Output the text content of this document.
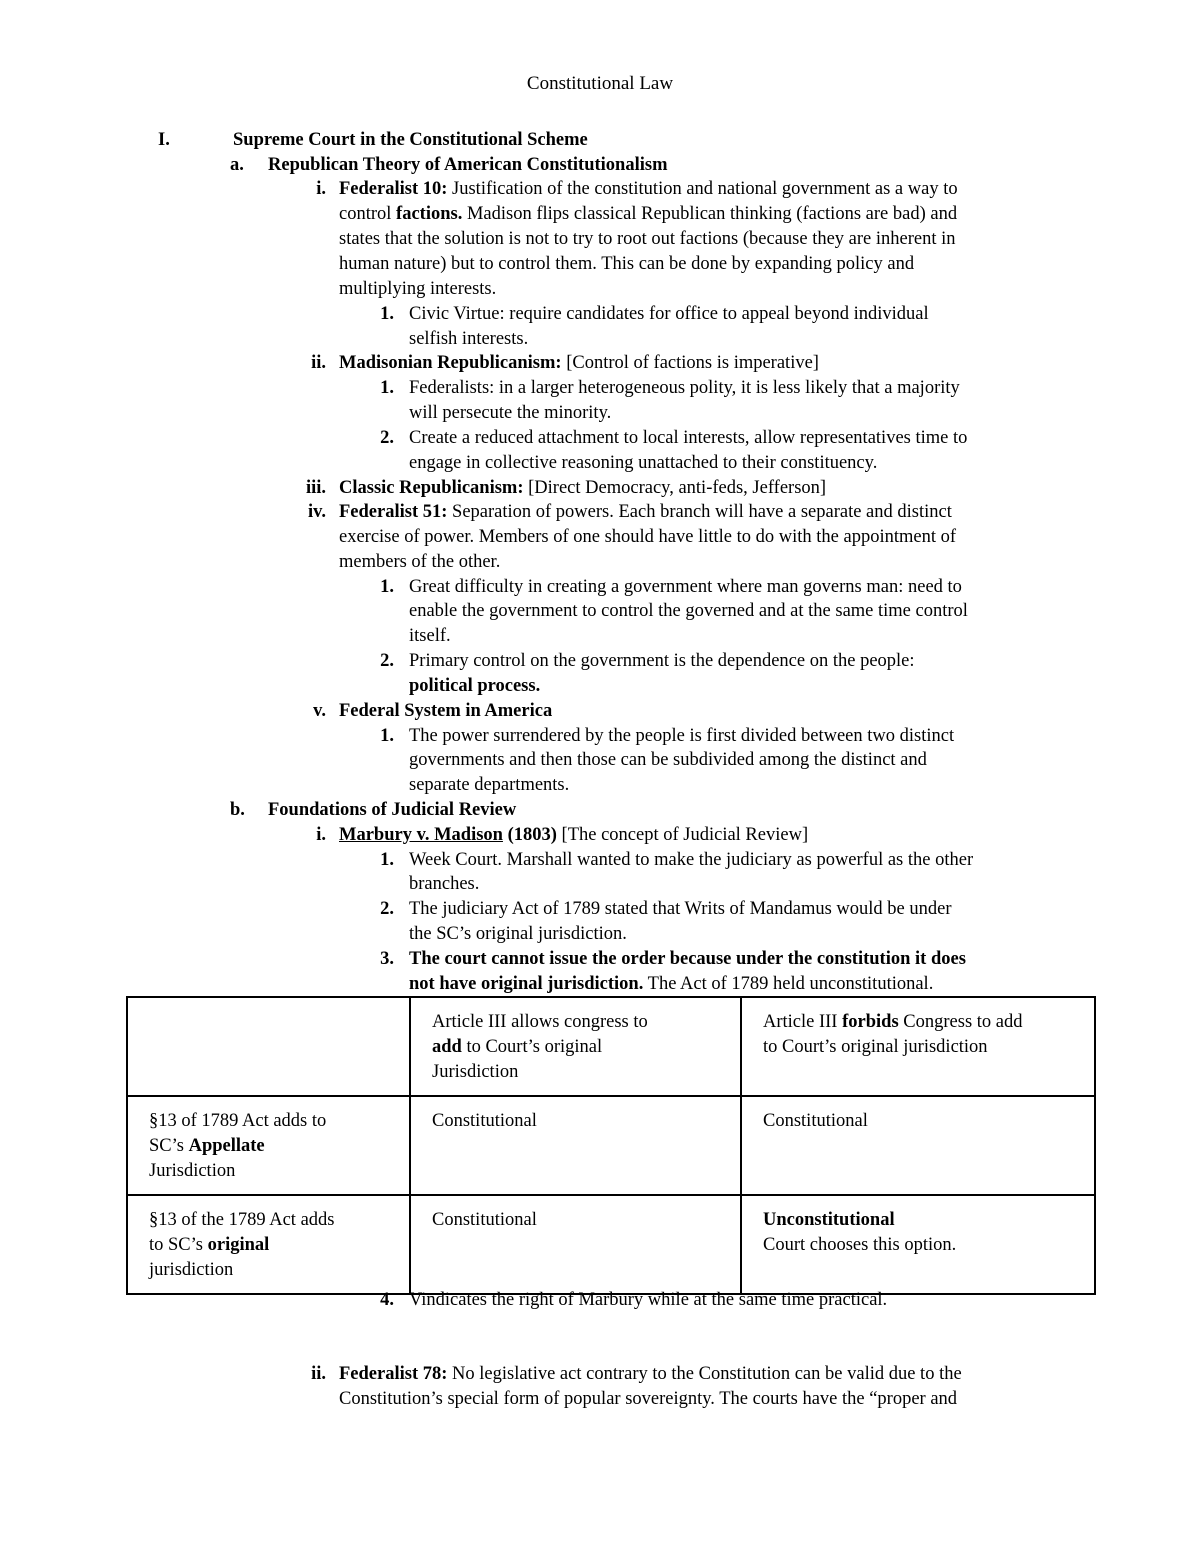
Constitutional Law
I.	Supreme Court in the Constitutional Scheme
a. Republican Theory of American Constitutionalism
i. Federalist 10: Justification of the constitution and national government as a way to
control factions. Madison flips classical Republican thinking (factions are bad) and
states that the solution is not to try to root out factions (because they are inherent in
human nature) but to control them. This can be done by expanding policy and
multiplying interests.
1. Civic Virtue: require candidates for office to appeal beyond individual
selfish interests.
ii. Madisonian Republicanism: [Control of factions is imperative]
1. Federalists: in a larger heterogeneous polity, it is less likely that a majority
will persecute the minority.
2. Create a reduced attachment to local interests, allow representatives time to
engage in collective reasoning unattached to their constituency.
iii. Classic Republicanism: [Direct Democracy, anti-feds, Jefferson]
iv. Federalist 51: Separation of powers. Each branch will have a separate and distinct
exercise of power. Members of one should have little to do with the appointment of
members of the other.
1. Great difficulty in creating a government where man governs man: need to
enable the government to control the governed and at the same time control
itself.
2. Primary control on the government is the dependence on the people:
political process.
v. Federal System in America
1. The power surrendered by the people is first divided between two distinct
governments and then those can be subdivided among the distinct and
separate departments.
b. Foundations of Judicial Review
i. Marbury v. Madison (1803) [The concept of Judicial Review]
1. Week Court. Marshall wanted to make the judiciary as powerful as the other
branches.
2. The judiciary Act of 1789 stated that Writs of Mandamus would be under
the SC’s original jurisdiction.
3. The court cannot issue the order because under the constitution it does
not have original jurisdiction. The Act of 1789 held unconstitutional.
	Article III allows congress to
add to Court’s original
Jurisdiction	Article III forbids Congress to add
to Court’s original jurisdiction
§13 of 1789 Act adds to
SC’s Appellate
Jurisdiction	Constitutional	Constitutional
§13 of the 1789 Act adds
to SC’s original
jurisdiction	Constitutional	Unconstitutional
Court chooses this option.
4. Vindicates the right of Marbury while at the same time practical.
ii. Federalist 78: No legislative act contrary to the Constitution can be valid due to the
Constitution’s special form of popular sovereignty. The courts have the “proper and
